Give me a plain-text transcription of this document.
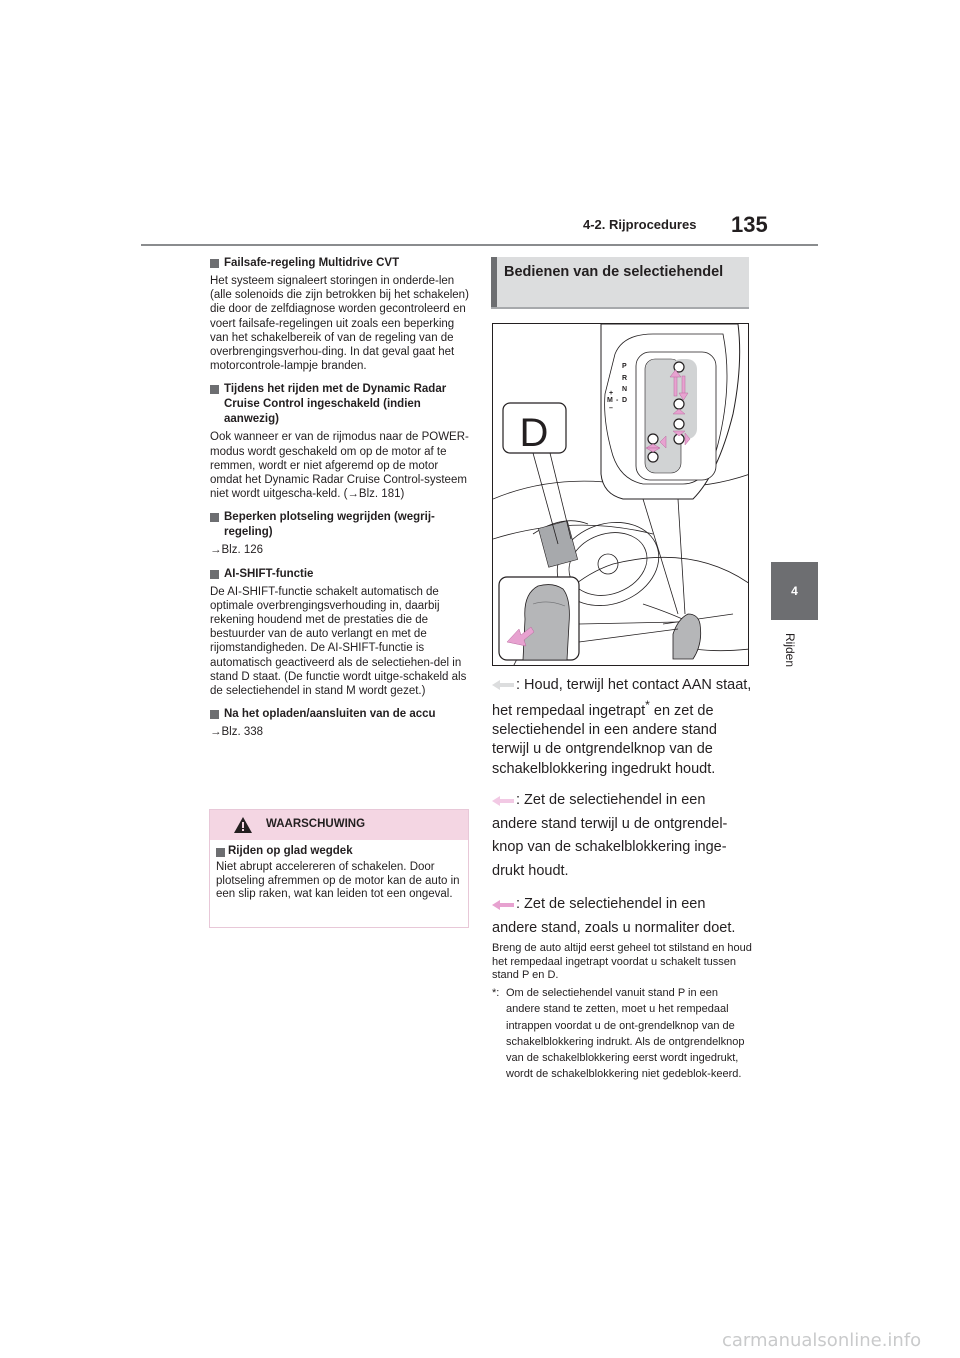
4-2. Rijprocedures 135
4
Rijden
Failsafe-regeling Multidrive CVT
Het systeem signaleert storingen in onderde-len (alle solenoids die zijn betrokken bij het schakelen) die door de zelfdiagnose worden gecontroleerd en voert failsafe-regelingen uit zoals een beperking van het schakelbereik of van de regeling van de overbrengingsverhou-ding. In dat geval gaat het motorcontrole-lampje branden.
Tijdens het rijden met de Dynamic Radar Cruise Control ingeschakeld (indien aanwezig)
Ook wanneer er van de rijmodus naar de POWER-modus wordt geschakeld om op de motor af te remmen, wordt er niet afgeremd op de motor omdat het Dynamic Radar Cruise Control-systeem niet wordt uitgescha-keld. (→Blz. 181)
Beperken plotseling wegrijden (wegrij-regeling)
→Blz. 126
AI-SHIFT-functie
De AI-SHIFT-functie schakelt automatisch de optimale overbrengingsverhouding in, daarbij rekening houdend met de prestaties die de bestuurder van de auto verlangt en met de rijomstandigheden. De AI-SHIFT-functie is automatisch geactiveerd als de selectiehen-del in stand D staat. (De functie wordt uitge-schakeld als de selectiehendel in stand M wordt gezet.)
Na het opladen/aansluiten van de accu
→Blz. 338
WAARSCHUWING
Rijden op glad wegdek
Niet abrupt accelereren of schakelen. Door plotseling afremmen op de motor kan de auto in een slip raken, wat kan leiden tot een ongeval.
Bedienen van de selectiehendel
P
R
N
D
+
M
–
-
D

: Houd, terwijl het contact AAN staat, het rempedaal ingetrapt* en zet de selectiehendel in een andere stand terwijl u de ontgrendelknop van de schakelblokkering ingedrukt houdt.

: Zet de selectiehendel in een andere stand terwijl u de ontgrendel-knop van de schakelblokkering inge-drukt houdt.

: Zet de selectiehendel in een andere stand, zoals u normaliter doet.

Breng de auto altijd eerst geheel tot stilstand en houd het rempedaal ingetrapt voordat u schakelt tussen stand P en D.

*: Om de selectiehendel vanuit stand P in een andere stand te zetten, moet u het rempedaal intrappen voordat u de ont-grendelknop van de schakelblokkering indrukt. Als de ontgrendelknop van de schakelblokkering eerst wordt ingedrukt, wordt de schakelblokkering niet gedeblok-keerd.
carmanualsonline.info
